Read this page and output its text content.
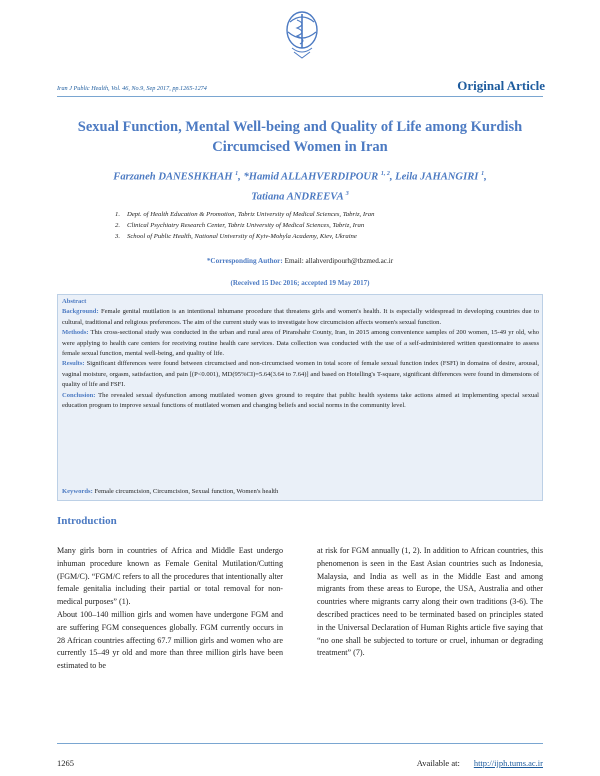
Iran J Public Health, Vol. 46, No.9, Sep 2017, pp.1265-1274	Original Article
Sexual Function, Mental Well-being and Quality of Life among Kurdish Circumcised Women in Iran
Farzaneh DANESHKHAH $^1$, *Hamid ALLAHVERDIPOUR $^{1, 2}$, Leila JAHANGIRI $^1$,
Tatiana ANDREEVA $^3$
1. Dept. of Health Education & Promotion, Tabriz University of Medical Sciences, Tabriz, Iran
2. Clinical Psychiatry Research Center, Tabriz University of Medical Sciences, Tabriz, Iran
3. School of Public Health, National University of Kyiv-Mohyla Academy, Kiev, Ukraine
*Corresponding Author: Email: allahverdipourh@tbzmed.ac.ir
(Received 15 Dec 2016; accepted 19 May 2017)

Abstract

Background: Female genital mutilation is an intentional inhumane procedure that threatens girls and women's health. It is especially widespread in developing countries due to cultural, traditional and religious preferences. The aim of the current study was to investigate how circumcision affects women's sexual function.

Methods: This cross-sectional study was conducted in the urban and rural area of Piranshahr County, Iran, in 2015 among convenience samples of 200 women, 15-49 yr old, who were applying to health care centers for receiving routine health care services. Data collection was conducted with the use of a self-administered written questionnaire to assess female sexual function, mental well-being, and quality of life.

Results: Significant differences were found between circumcised and non-circumcised women in total score of female sexual function index (FSFI) in domains of desire, arousal, vaginal moisture, orgasm, satisfaction, and pain [(P<0.001), MD(95%CI)=5.64(3.64 to 7.64)] and based on Hotelling's T-square, significant differences were found in dimensions of quality of life and FSFI.

Conclusion: The revealed sexual dysfunction among mutilated women gives ground to require that public health systems take actions aimed at implementing special sexual education program to improve sexual functions of mutilated women and changing beliefs and social norms in the community level.

Keywords: Female circumcision, Circumcision, Sexual function, Women's health
Introduction

Many girls born in countries of Africa and Middle East undergo inhuman procedure known as Female Genital Mutilation/Cutting (FGM/C). “FGM/C refers to all the procedures that intentionally alter female genitalia including their partial or total removal for non-medical purposes” (1).

About 100–140 million girls and women have undergone FGM and are suffering FGM consequences globally. FGM currently occurs in 28 African countries affecting 67.7 million girls and women who are currently 15–49 yr old and more than three million girls have been estimated to be

at risk for FGM annually (1, 2). In addition to African countries, this phenomenon is seen in the East Asian countries such as Indonesia, Malaysia, and India as well as in the Middle East and among migrants from these areas to Europe, the USA, Australia and other countries where migrants carry along their own traditions (3-6). The described practices need to be terminated based on principles stated in the Universal Declaration of Human Rights article five saying that “no one shall be subjected to torture or cruel, inhuman or degrading treatment” (7).

1265	Available at: http://ijph.tums.ac.ir
